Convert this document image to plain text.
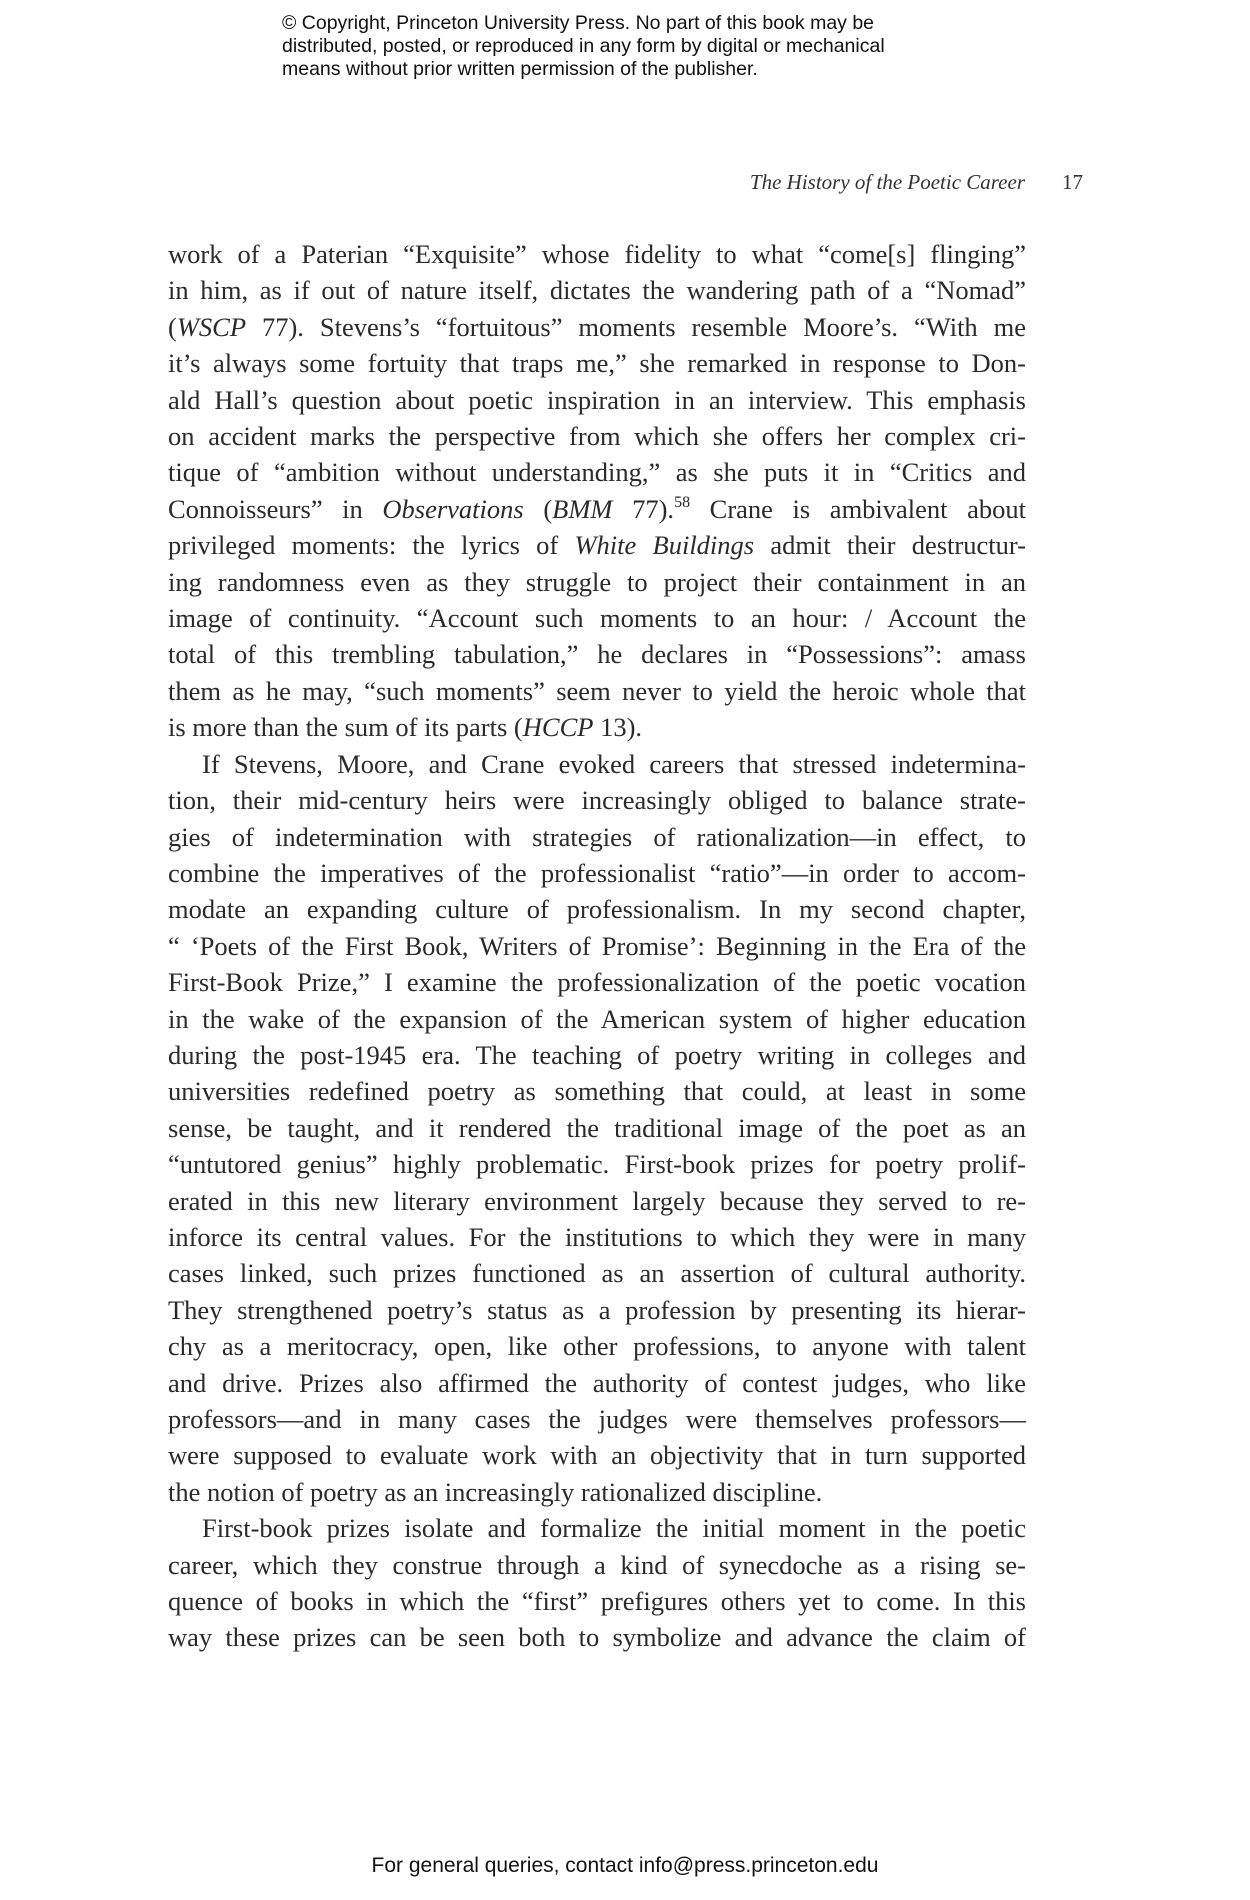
© Copyright, Princeton University Press. No part of this book may be
distributed, posted, or reproduced in any form by digital or mechanical
means without prior written permission of the publisher.
The History of the Poetic Career 17
work of a Paterian “Exquisite” whose fidelity to what “come[s] flinging”
in him, as if out of nature itself, dictates the wandering path of a “Nomad”
(WSCP 77). Stevens’s “fortuitous” moments resemble Moore’s. “With me
it’s always some fortuity that traps me,” she remarked in response to Don-
ald Hall’s question about poetic inspiration in an interview. This emphasis
on accident marks the perspective from which she offers her complex cri-
tique of “ambition without understanding,” as she puts it in “Critics and
Connoisseurs” in Observations (BMM 77).$^{58}$ Crane is ambivalent about
privileged moments: the lyrics of White Buildings admit their destructur-
ing randomness even as they struggle to project their containment in an
image of continuity. “Account such moments to an hour: / Account the
total of this trembling tabulation,” he declares in “Possessions”: amass
them as he may, “such moments” seem never to yield the heroic whole that
is more than the sum of its parts (HCCP 13).
If Stevens, Moore, and Crane evoked careers that stressed indetermina-
tion, their mid-century heirs were increasingly obliged to balance strate-
gies of indetermination with strategies of rationalization—in effect, to
combine the imperatives of the professionalist “ratio”—in order to accom-
modate an expanding culture of professionalism. In my second chapter,
“ ‘Poets of the First Book, Writers of Promise’: Beginning in the Era of the
First-Book Prize,” I examine the professionalization of the poetic vocation
in the wake of the expansion of the American system of higher education
during the post-1945 era. The teaching of poetry writing in colleges and
universities redefined poetry as something that could, at least in some
sense, be taught, and it rendered the traditional image of the poet as an
“untutored genius” highly problematic. First-book prizes for poetry prolif-
erated in this new literary environment largely because they served to re-
inforce its central values. For the institutions to which they were in many
cases linked, such prizes functioned as an assertion of cultural authority.
They strengthened poetry’s status as a profession by presenting its hierar-
chy as a meritocracy, open, like other professions, to anyone with talent
and drive. Prizes also affirmed the authority of contest judges, who like
professors—and in many cases the judges were themselves professors—
were supposed to evaluate work with an objectivity that in turn supported
the notion of poetry as an increasingly rationalized discipline.
First-book prizes isolate and formalize the initial moment in the poetic
career, which they construe through a kind of synecdoche as a rising se-
quence of books in which the “first” prefigures others yet to come. In this
way these prizes can be seen both to symbolize and advance the claim of
For general queries, contact info@press.princeton.edu
